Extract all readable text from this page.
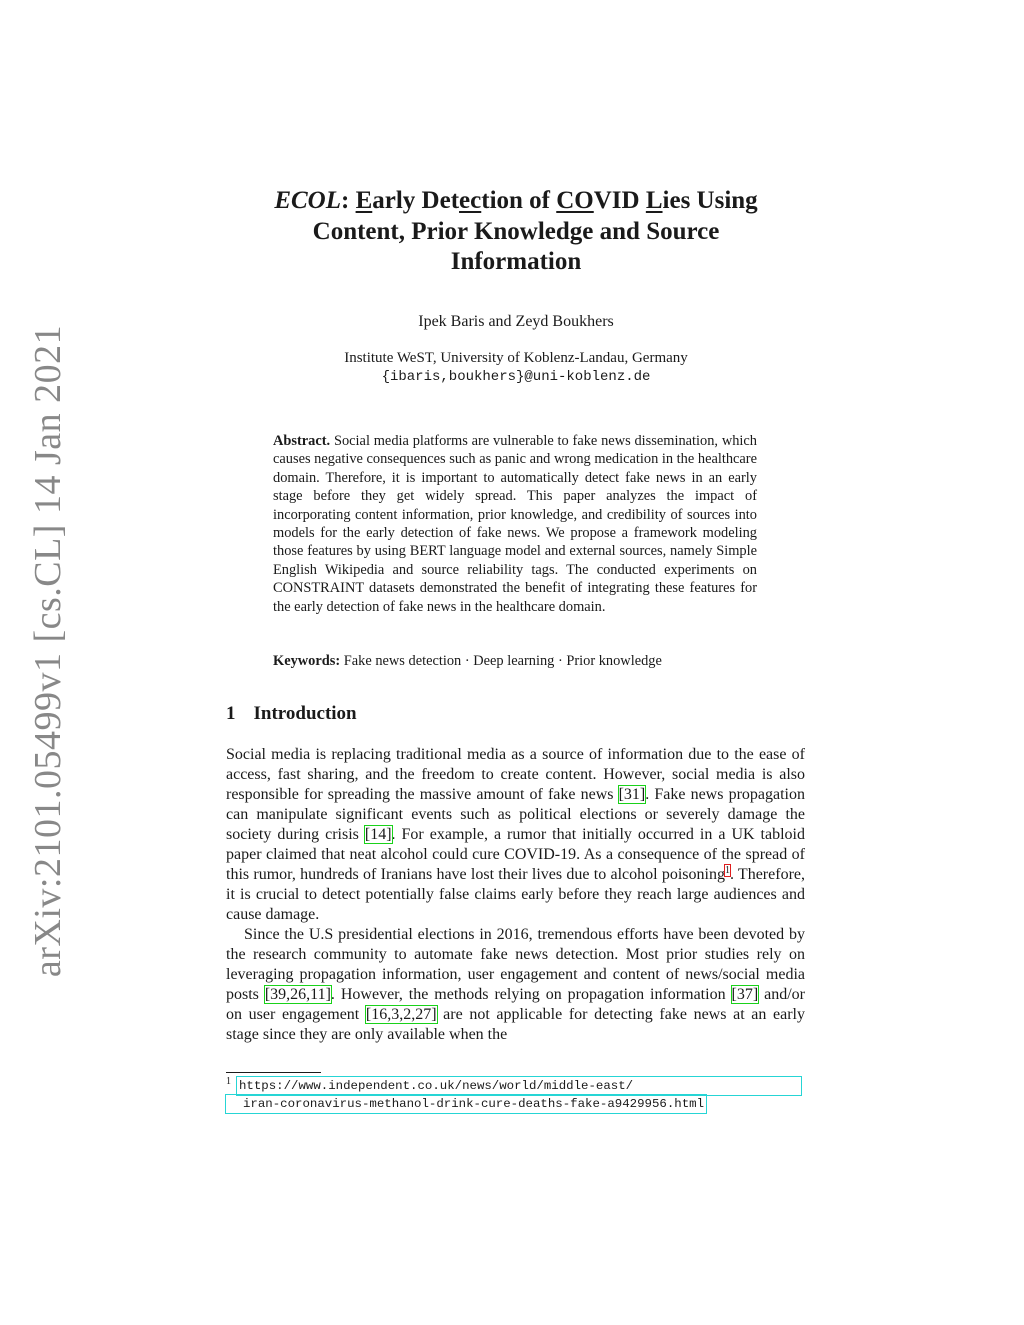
arXiv:2101.05499v1 [cs.CL] 14 Jan 2021
ECOL: Early Detection of COVID Lies Using
Content, Prior Knowledge and Source
Information
Ipek Baris and Zeyd Boukhers
Institute WeST, University of Koblenz-Landau, Germany
{ibaris,boukhers}@uni-koblenz.de
Abstract. Social media platforms are vulnerable to fake news dissemination, which causes negative consequences such as panic and wrong medication in the healthcare domain. Therefore, it is important to automatically detect fake news in an early stage before they get widely spread. This paper analyzes the impact of incorporating content information, prior knowledge, and credibility of sources into models for the early detection of fake news. We propose a framework modeling those features by using BERT language model and external sources, namely Simple English Wikipedia and source reliability tags. The conducted experiments on CONSTRAINT datasets demonstrated the benefit of integrating these features for the early detection of fake news in the healthcare domain.
Keywords: Fake news detection · Deep learning · Prior knowledge
1 Introduction

Social media is replacing traditional media as a source of information due to the ease of access, fast sharing, and the freedom to create content. However, social media is also responsible for spreading the massive amount of fake news [31]. Fake news propagation can manipulate significant events such as political elections or severely damage the society during crisis [14]. For example, a rumor that initially occurred in a UK tabloid paper claimed that neat alcohol could cure COVID-19. As a consequence of the spread of this rumor, hundreds of Iranians have lost their lives due to alcohol poisoning$^1$. Therefore, it is crucial to detect potentially false claims early before they reach large audiences and cause damage.

Since the U.S presidential elections in 2016, tremendous efforts have been devoted by the research community to automate fake news detection. Most prior studies rely on leveraging propagation information, user engagement and content of news/social media posts [39,26,11]. However, the methods relying on propagation information [37] and/or on user engagement [16,3,2,27] are not applicable for detecting fake news at an early stage since they are only available when the

$^1$ https://www.independent.co.uk/news/world/middle-east/
iran-coronavirus-methanol-drink-cure-deaths-fake-a9429956.html
